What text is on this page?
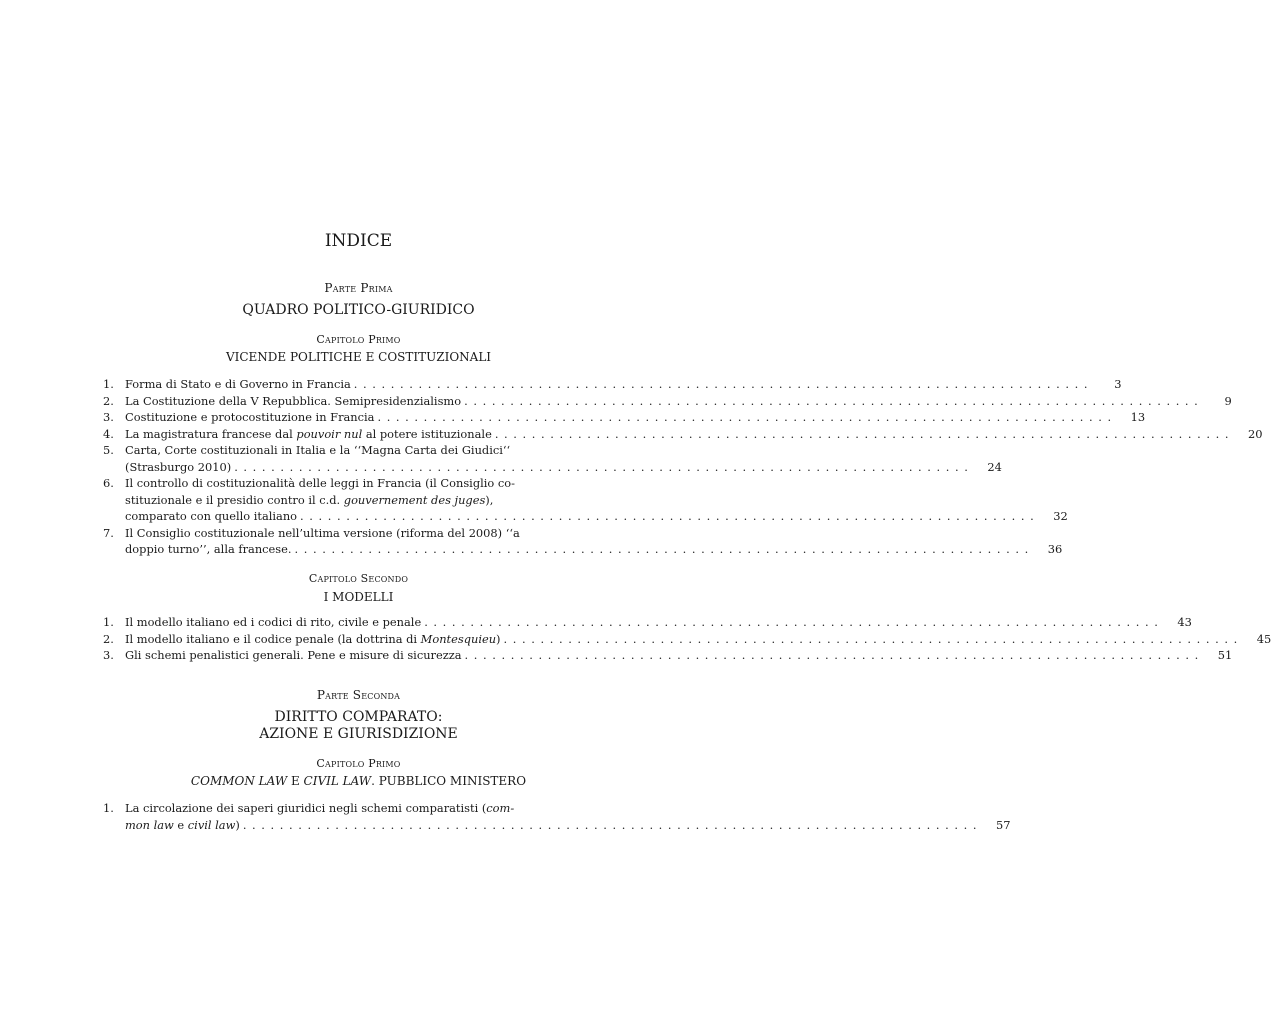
INDICE
Parte Prima
QUADRO POLITICO-GIURIDICO
Capitolo Primo
VICENDE POLITICHE E COSTITUZIONALI
1. Forma di Stato e di Governo in Francia . . . . . . . . . . . . . . . . . . . . . . . . . . . . . . . . . . . . . . . . . . . . . . . . . . . . . . . . . . . . . . . . . . . . . . . . . . . . . . . .	3
2. La Costituzione della V Repubblica. Semipresidenzialismo . . . . . . . . . . . . . . . . . . . . . . . . . . . . . . . . . . . . . . . . . . . . . . . . . . . . . . . . . . . . . . . . . . . . . . . . . . . . . . . .	9
3. Costituzione e protocostituzione in Francia . . . . . . . . . . . . . . . . . . . . . . . . . . . . . . . . . . . . . . . . . . . . . . . . . . . . . . . . . . . . . . . . . . . . . . . . . . . . . . . .	13
4. La magistratura francese dal pouvoir nul al potere istituzionale . . . . . . . . . . . . . . . . . . . . . . . . . . . . . . . . . . . . . . . . . . . . . . . . . . . . . . . . . . . . . . . . . . . . . . . . . . . . . . . .	20
5. Carta, Corte costituzionali in Italia e la ‘‘Magna Carta dei Giudici‘‘
(Strasburgo 2010) . . . . . . . . . . . . . . . . . . . . . . . . . . . . . . . . . . . . . . . . . . . . . . . . . . . . . . . . . . . . . . . . . . . . . . . . . . . . . . . .	24
6. Il controllo di costituzionalità delle leggi in Francia (il Consiglio co-
stituzionale e il presidio contro il c.d. gouvernement des juges),
comparato con quello italiano . . . . . . . . . . . . . . . . . . . . . . . . . . . . . . . . . . . . . . . . . . . . . . . . . . . . . . . . . . . . . . . . . . . . . . . . . . . . . . . .	32
7. Il Consiglio costituzionale nell’ultima versione (riforma del 2008) ‘‘a
doppio turno’’, alla francese. . . . . . . . . . . . . . . . . . . . . . . . . . . . . . . . . . . . . . . . . . . . . . . . . . . . . . . . . . . . . . . . . . . . . . . . . . . . . . . . .	36
Capitolo Secondo
I MODELLI
1. Il modello italiano ed i codici di rito, civile e penale . . . . . . . . . . . . . . . . . . . . . . . . . . . . . . . . . . . . . . . . . . . . . . . . . . . . . . . . . . . . . . . . . . . . . . . . . . . . . . . .	43
2. Il modello italiano e il codice penale (la dottrina di Montesquieu) . . . . . . . . . . . . . . . . . . . . . . . . . . . . . . . . . . . . . . . . . . . . . . . . . . . . . . . . . . . . . . . . . . . . . . . . . . . . . . . .	45
3. Gli schemi penalistici generali. Pene e misure di sicurezza . . . . . . . . . . . . . . . . . . . . . . . . . . . . . . . . . . . . . . . . . . . . . . . . . . . . . . . . . . . . . . . . . . . . . . . . . . . . . . . .	51
Parte Seconda
DIRITTO COMPARATO:
AZIONE E GIURISDIZIONE
Capitolo Primo
COMMON LAW E CIVIL LAW. PUBBLICO MINISTERO
1. La circolazione dei saperi giuridici negli schemi comparatisti (com-
mon law e civil law) . . . . . . . . . . . . . . . . . . . . . . . . . . . . . . . . . . . . . . . . . . . . . . . . . . . . . . . . . . . . . . . . . . . . . . . . . . . . . . . .	57
